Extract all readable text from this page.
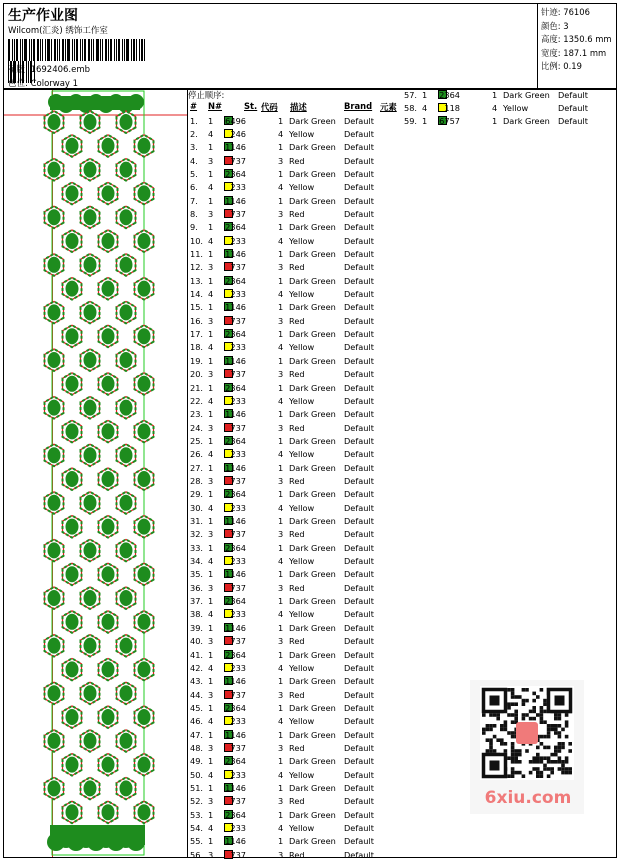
生产作业图
Wilcom(汇炎) 绣饰工作室
花版: 1692406.emb
色位: Colorway 1
针迹: 76106
颜色: 3
高度: 1350.6 mm
宽度: 187.1 mm
比例: 0.19
停止顺序:
# N#	St. 代码 描述	Brand 元素
1. 1	6496	1 Dark Green Default
2. 4	246	4 Yellow	Default
3. 1	1146	1 Dark Green Default
4. 3	737	3 Red	Default
5. 1	2364	1 Dark Green Default
6. 4	233	4 Yellow	Default
7. 1	1146	1 Dark Green Default
8. 3	737	3 Red	Default
9. 1	2364	1 Dark Green Default
10. 4	233	4 Yellow	Default
11. 1	1146	1 Dark Green Default
12. 3	737	3 Red	Default
13. 1	2364	1 Dark Green Default
14. 4	233	4 Yellow	Default
15. 1	1146	1 Dark Green Default
16. 3	737	3 Red	Default
17. 1	2364	1 Dark Green Default
18. 4	233	4 Yellow	Default
19. 1	1146	1 Dark Green Default
20. 3	737	3 Red	Default
21. 1	2364	1 Dark Green Default
22. 4	233	4 Yellow	Default
23. 1	1146	1 Dark Green Default
24. 3	737	3 Red	Default
25. 1	2364	1 Dark Green Default
26. 4	233	4 Yellow	Default
27. 1	1146	1 Dark Green Default
28. 3	737	3 Red	Default
29. 1	2364	1 Dark Green Default
30. 4	233	4 Yellow	Default
31. 1	1146	1 Dark Green Default
32. 3	737	3 Red	Default
33. 1	2364	1 Dark Green Default
34. 4	233	4 Yellow	Default
35. 1	1146	1 Dark Green Default
36. 3	737	3 Red	Default
37. 1	2364	1 Dark Green Default
38. 4	233	4 Yellow	Default
39. 1	1146	1 Dark Green Default
40. 3	737	3 Red	Default
41. 1	2364	1 Dark Green Default
42. 4	233	4 Yellow	Default
43. 1	1146	1 Dark Green Default
44. 3	737	3 Red	Default
45. 1	2364	1 Dark Green Default
46. 4	233	4 Yellow	Default
47. 1	1146	1 Dark Green Default
48. 3	737	3 Red	Default
49. 1	2364	1 Dark Green Default
50. 4	233	4 Yellow	Default
51. 1	1146	1 Dark Green Default
52. 3	737	3 Red	Default
53. 1	2364	1 Dark Green Default
54. 4	233	4 Yellow	Default
55. 1	1146	1 Dark Green Default
56. 3	737	3 Red	Default
57. 1	2364	1 Dark Green Default
58. 4	118	4 Yellow	Default
59. 1	6757	1 Dark Green Default
6xiu.com
